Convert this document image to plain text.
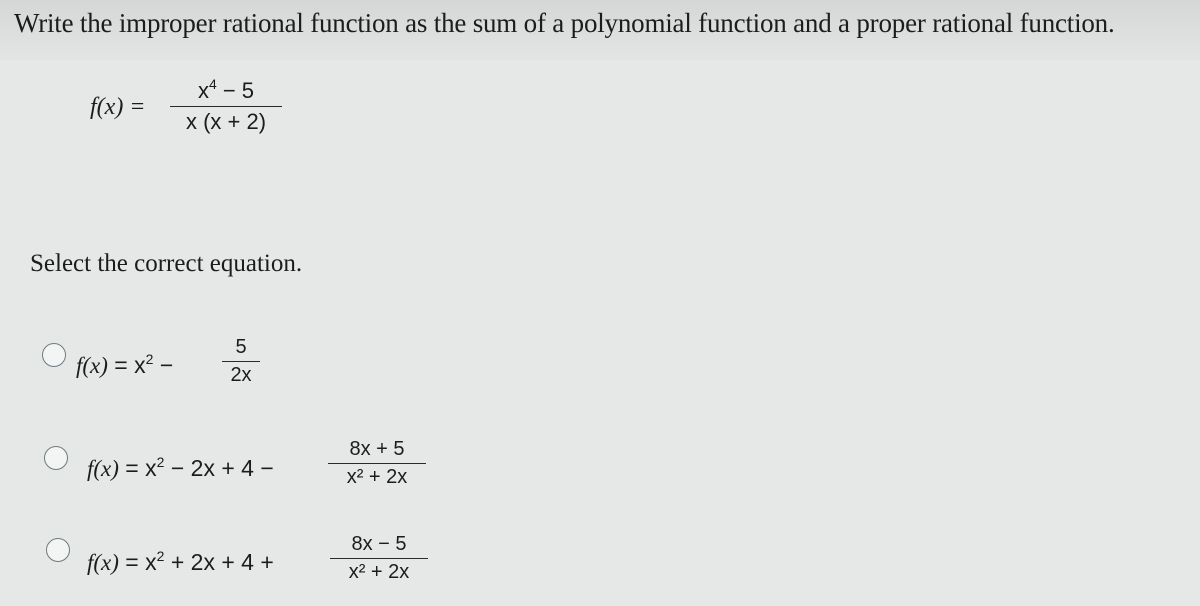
Write the improper rational function as the sum of a polynomial function and a proper rational function.
f(x) =
$x^4 - 5$
x (x + 2)
Select the correct equation.
$f(x) = x^2$ −
5
2x
$f(x) = x^2 - 2x + 4$ −
8x + 5
x² + 2x
$f(x) = x^2 + 2x + 4$ +
8x − 5
x² + 2x
